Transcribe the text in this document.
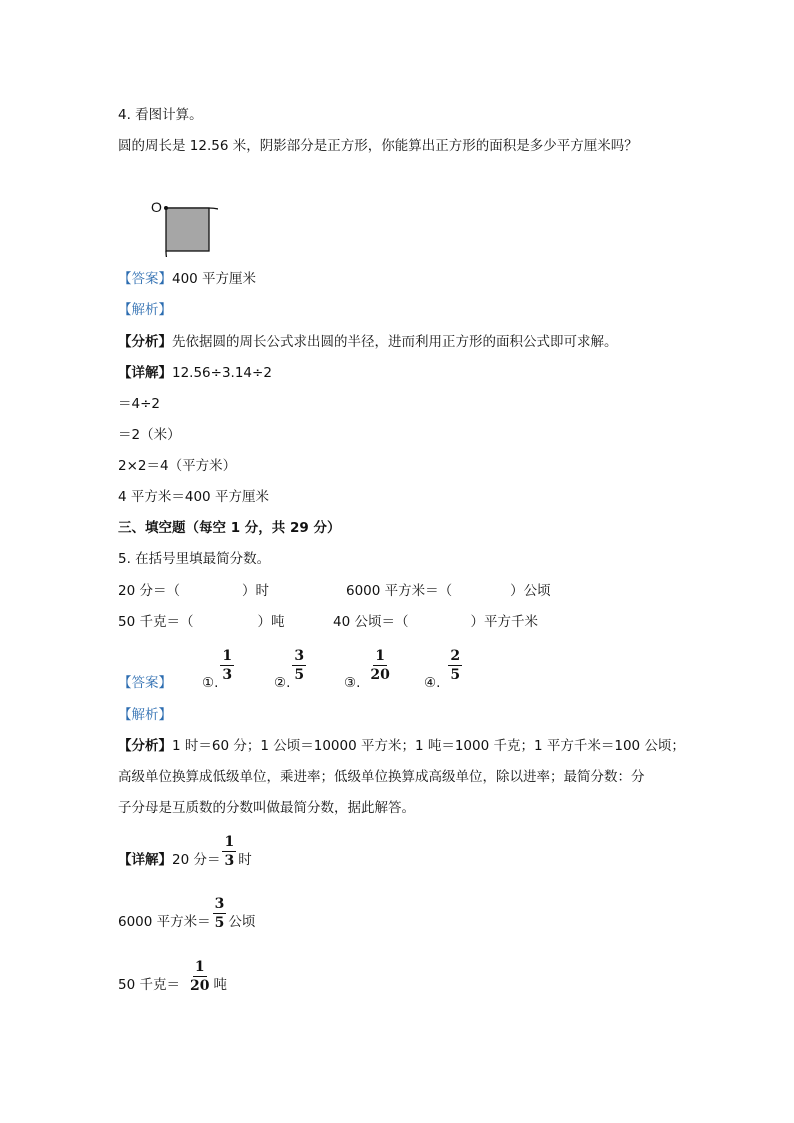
4. 看图计算。
圆的周长是 12.56 米，阴影部分是正方形，你能算出正方形的面积是多少平方厘米吗？
O
【答案】400 平方厘米
【解析】
【分析】先依据圆的周长公式求出圆的半径，进而利用正方形的面积公式即可求解。
【详解】12.56÷3.14÷2
＝4÷2
＝2（米）
2×2＝4（平方米）
4 平方米＝400 平方厘米
三、填空题（每空 1 分，共 29 分）
5. 在括号里填最简分数。
20 分＝（	）时	6000 平方米＝（	）公顷
50 千克＝（	）吨	40 公顷＝（	）平方千米
【答案】 ①.
$\frac{1}{3}$
②.
$\frac{3}{5}$
③.
$\frac{1}{20}$
④.
$\frac{2}{5}$
【解析】
【分析】1 时＝60 分；1 公顷＝10000 平方米；1 吨＝1000 千克；1 平方千米＝100 公顷；
高级单位换算成低级单位，乘进率；低级单位换算成高级单位，除以进率；最简分数：分
子分母是互质数的分数叫做最简分数，据此解答。
【详解】 20 分＝ $\frac{1}{3}$ 时
6000 平方米＝ $\frac{3}{5}$ 公顷
50 千克＝ $\frac{1}{20}$ 吨
